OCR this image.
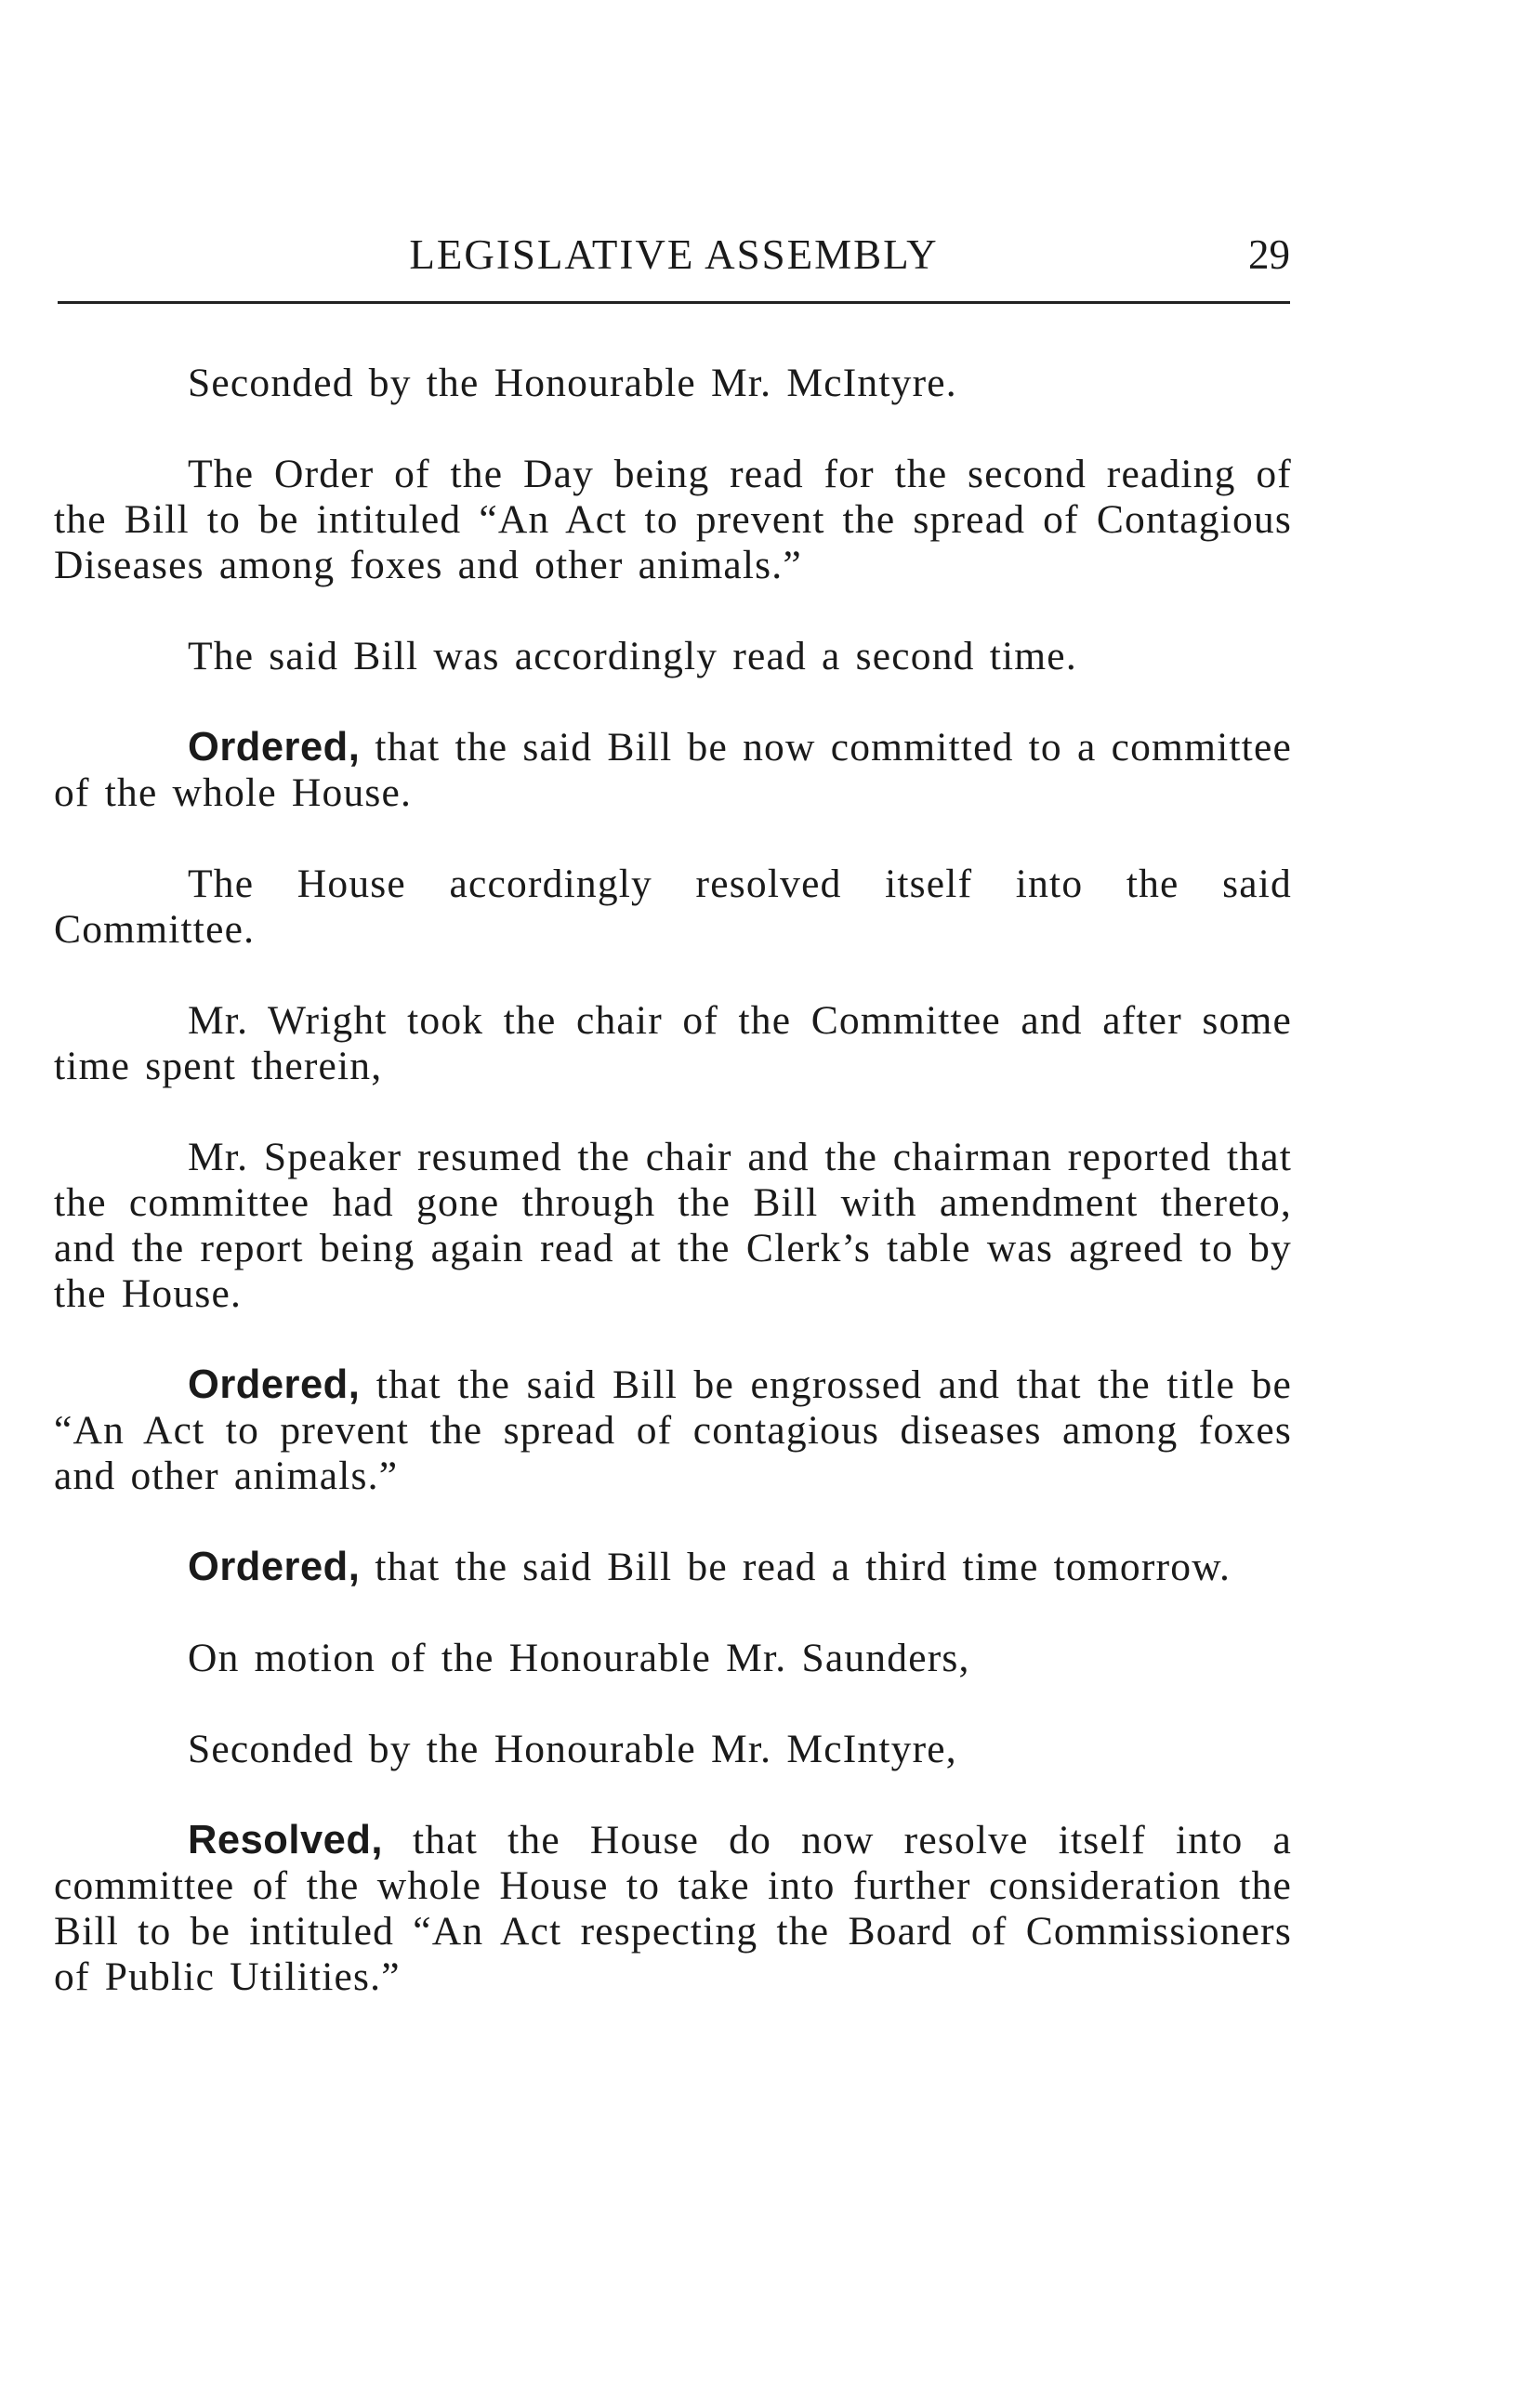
LEGISLATIVE ASSEMBLY	29

Seconded by the Honourable Mr. McIntyre.

The Order of the Day being read for the second reading of the Bill to be intituled “An Act to prevent the spread of Contagious Diseases among foxes and other animals.”

The said Bill was accordingly read a second time.

Ordered, that the said Bill be now committed to a committee of the whole House.

The House accordingly resolved itself into the said Committee.

Mr. Wright took the chair of the Committee and after some time spent therein,

Mr. Speaker resumed the chair and the chairman reported that the committee had gone through the Bill with amendment thereto, and the report being again read at the Clerk’s table was agreed to by the House.

Ordered, that the said Bill be engrossed and that the title be “An Act to prevent the spread of contagious diseases among foxes and other animals.”

Ordered, that the said Bill be read a third time tomorrow.

On motion of the Honourable Mr. Saunders,

Seconded by the Honourable Mr. McIntyre,

Resolved, that the House do now resolve itself into a committee of the whole House to take into further consideration the Bill to be intituled “An Act respecting the Board of Commissioners of Public Utilities.”
